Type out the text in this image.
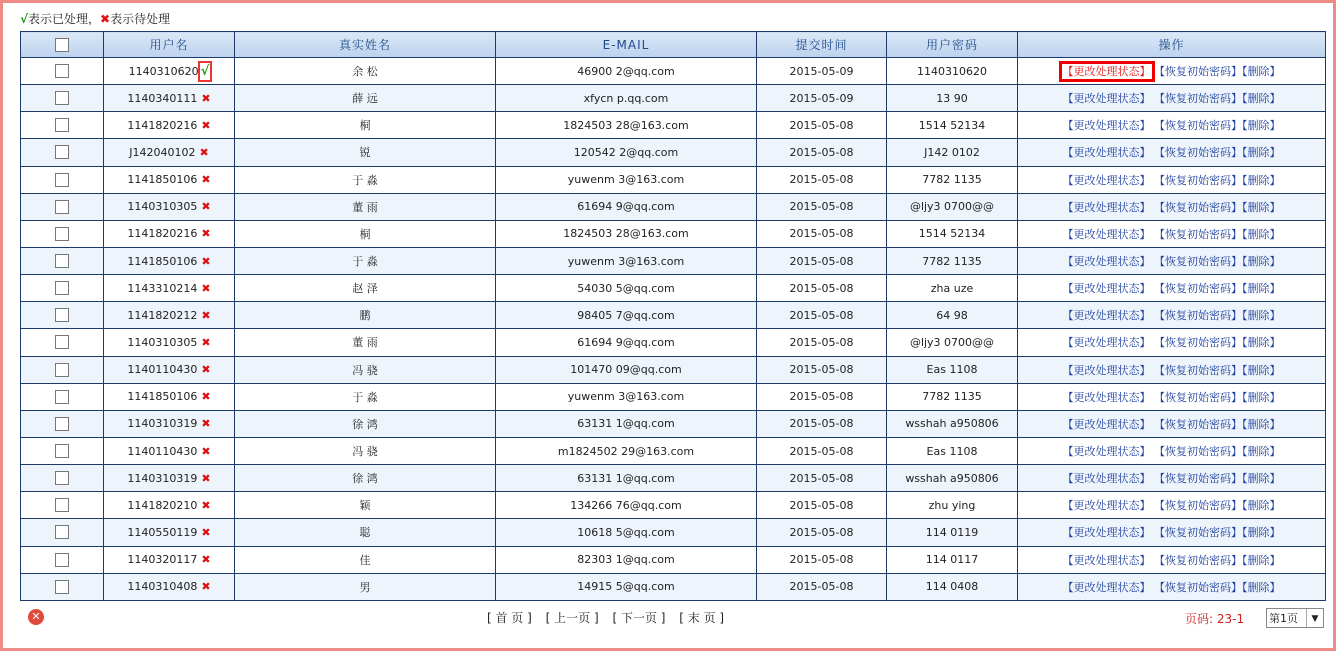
√表示已处理，✖表示待处理
	用户名	真实姓名	E-MAIL	提交时间	用户密码	操作
	1140310620 √	余 松	46900 2@qq.com	2015-05-09	1140310620	【更改处理状态】 【恢复初始密码】【删除】
	1140340111 ✖	薛 远	xfycn p.qq.com	2015-05-09	13 90	【更改处理状态】 【恢复初始密码】【删除】
	1141820216 ✖	桐	1824503 28@163.com	2015-05-08	1514 52134	【更改处理状态】 【恢复初始密码】【删除】
	J142040102 ✖	锐	120542 2@qq.com	2015-05-08	J142 0102	【更改处理状态】 【恢复初始密码】【删除】
	1141850106 ✖	于 淼	yuwenm 3@163.com	2015-05-08	7782 1135	【更改处理状态】 【恢复初始密码】【删除】
	1140310305 ✖	董 雨	61694 9@qq.com	2015-05-08	@ljy3 0700@@	【更改处理状态】 【恢复初始密码】【删除】
	1141820216 ✖	桐	1824503 28@163.com	2015-05-08	1514 52134	【更改处理状态】 【恢复初始密码】【删除】
	1141850106 ✖	于 淼	yuwenm 3@163.com	2015-05-08	7782 1135	【更改处理状态】 【恢复初始密码】【删除】
	1143310214 ✖	赵 泽	54030 5@qq.com	2015-05-08	zha uze	【更改处理状态】 【恢复初始密码】【删除】
	1141820212 ✖	鹏	98405 7@qq.com	2015-05-08	64 98	【更改处理状态】 【恢复初始密码】【删除】
	1140310305 ✖	董 雨	61694 9@qq.com	2015-05-08	@ljy3 0700@@	【更改处理状态】 【恢复初始密码】【删除】
	1140110430 ✖	冯 骁	101470 09@qq.com	2015-05-08	Eas 1108	【更改处理状态】 【恢复初始密码】【删除】
	1141850106 ✖	于 淼	yuwenm 3@163.com	2015-05-08	7782 1135	【更改处理状态】 【恢复初始密码】【删除】
	1140310319 ✖	徐 鸿	63131 1@qq.com	2015-05-08	wsshah a950806	【更改处理状态】 【恢复初始密码】【删除】
	1140110430 ✖	冯 骁	m1824502 29@163.com	2015-05-08	Eas 1108	【更改处理状态】 【恢复初始密码】【删除】
	1140310319 ✖	徐 鸿	63131 1@qq.com	2015-05-08	wsshah a950806	【更改处理状态】 【恢复初始密码】【删除】
	1141820210 ✖	颖	134266 76@qq.com	2015-05-08	zhu ying	【更改处理状态】 【恢复初始密码】【删除】
	1140550119 ✖	聪	10618 5@qq.com	2015-05-08	114 0119	【更改处理状态】 【恢复初始密码】【删除】
	1140320117 ✖	佳	82303 1@qq.com	2015-05-08	114 0117	【更改处理状态】 【恢复初始密码】【删除】
	1140310408 ✖	男	14915 5@qq.com	2015-05-08	114 0408	【更改处理状态】 【恢复初始密码】【删除】
✕	[ 首 页 ] [ 上一页 ] [ 下一页 ] [ 末 页 ]	页码: 23-1 第1页	▼
